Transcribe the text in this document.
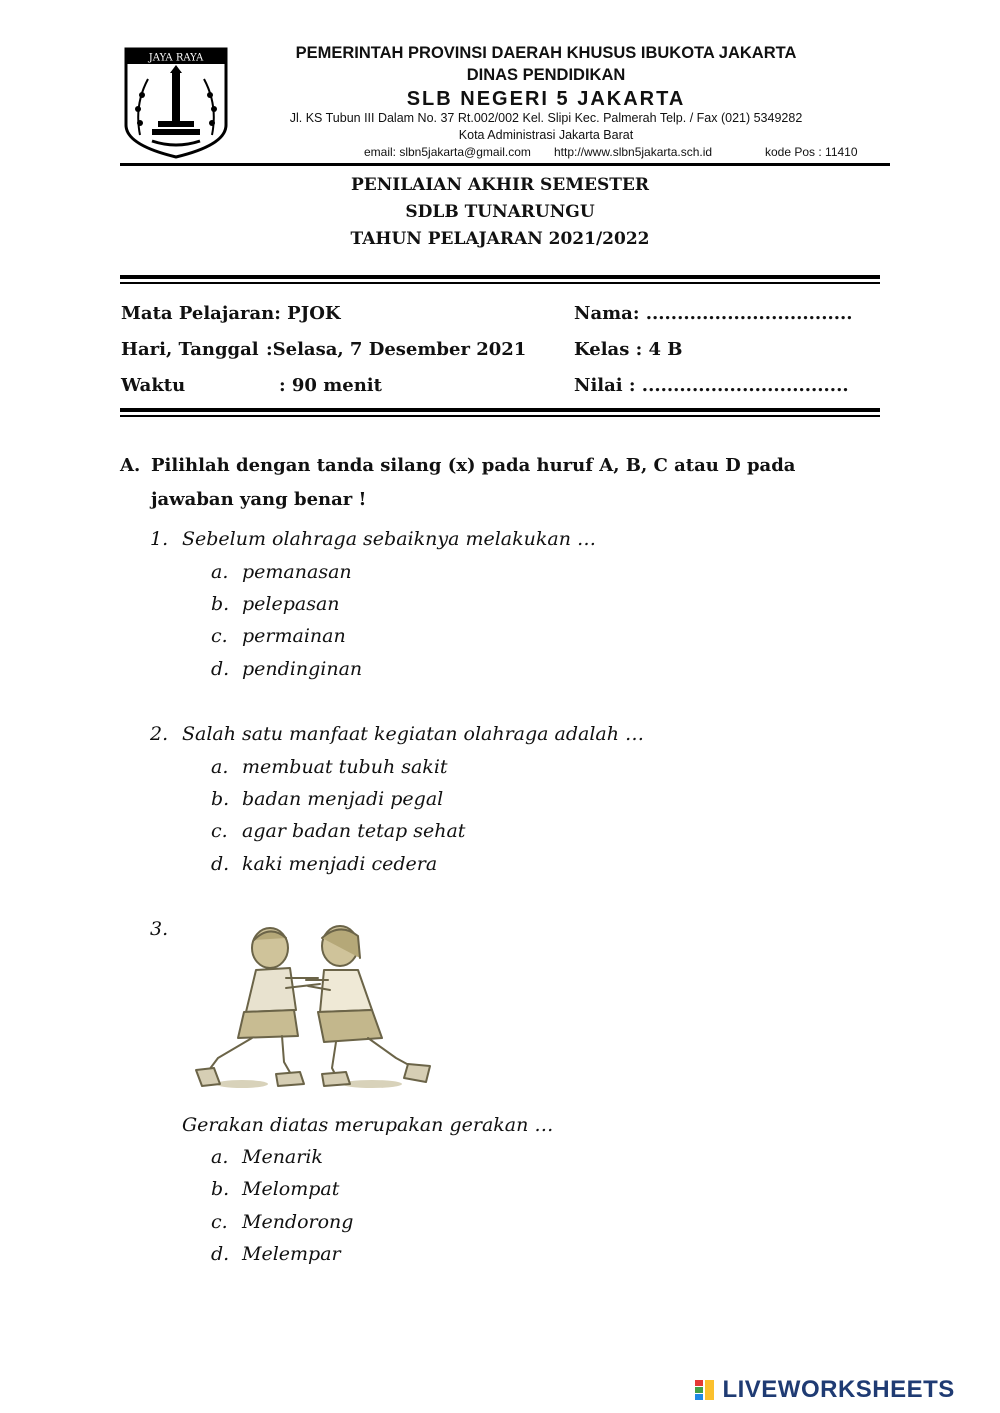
JAYA RAYA	PEMERINTAH PROVINSI DAERAH KHUSUS IBUKOTA JAKARTA
DINAS PENDIDIKAN
SLB NEGERI 5 JAKARTA
Jl. KS Tubun III Dalam No. 37 Rt.002/002 Kel. Slipi Kec. Palmerah Telp. / Fax (021) 5349282
Kota Administrasi Jakarta Barat
email: slbn5jakarta@gmail.com http://www.slbn5jakarta.sch.id	kode Pos : 11410
PENILAIAN AKHIR SEMESTER
SDLB TUNARUNGU
TAHUN PELAJARAN 2021/2022
Mata Pelajaran: PJOK
Hari, Tanggal :Selasa, 7 Desember 2021
Waktu	: 90 menit
Nama: .................................
Kelas : 4 B
Nilai : .................................
A. Pilihlah dengan tanda silang (x) pada huruf A, B, C atau D pada
jawaban yang benar !
1. Sebelum olahraga sebaiknya melakukan …
a. pemanasan
b. pelepasan
c. permainan
d. pendinginan
2. Salah satu manfaat kegiatan olahraga adalah …
a. membuat tubuh sakit
b. badan menjadi pegal
c. agar badan tetap sehat
d. kaki menjadi cedera
3.
Gerakan diatas merupakan gerakan …
a. Menarik
b. Melompat
c. Mendorong
d. Melempar
LIVEWORKSHEETS
